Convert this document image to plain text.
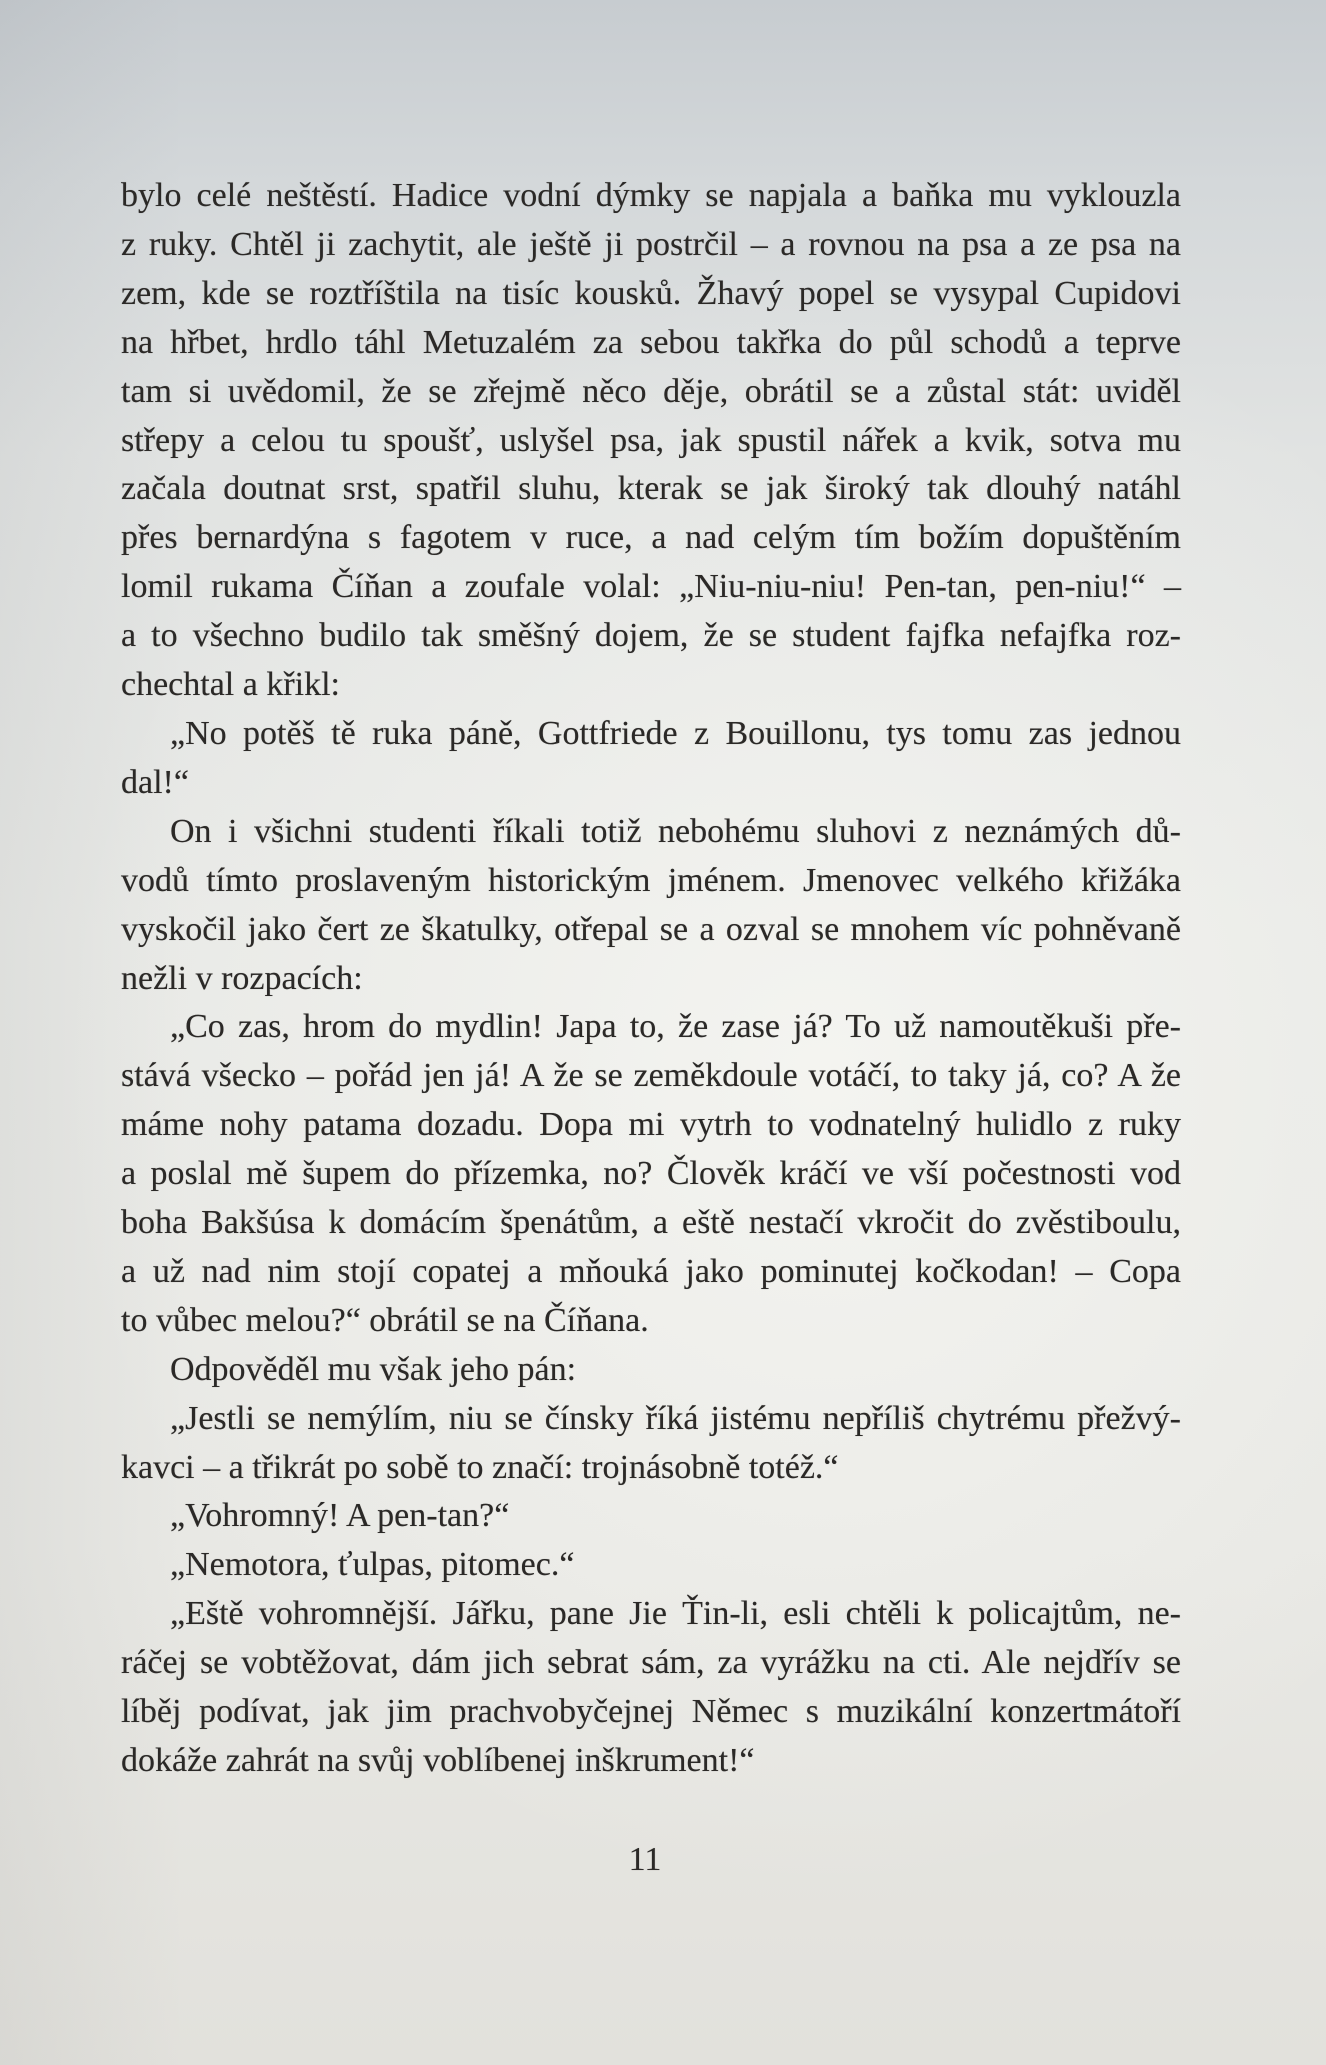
bylo celé neštěstí. Hadice vodní dýmky se napjala a baňka mu vyklouzla
z ruky. Chtěl ji zachytit, ale ještě ji postrčil – a rovnou na psa a ze psa na
zem, kde se roztříštila na tisíc kousků. Žhavý popel se vysypal Cupidovi
na hřbet, hrdlo táhl Metuzalém za sebou takřka do půl schodů a teprve
tam si uvědomil, že se zřejmě něco děje, obrátil se a zůstal stát: uviděl
střepy a celou tu spoušť, uslyšel psa, jak spustil nářek a kvik, sotva mu
začala doutnat srst, spatřil sluhu, kterak se jak široký tak dlouhý natáhl
přes bernardýna s fagotem v ruce, a nad celým tím božím dopuštěním
lomil rukama Číňan a zoufale volal: „Niu-niu-niu! Pen-tan, pen-niu!“ –
a to všechno budilo tak směšný dojem, že se student fajfka nefajfka roz-
chechtal a křikl:
„No potěš tě ruka páně, Gottfriede z Bouillonu, tys tomu zas jednou
dal!“
On i všichni studenti říkali totiž nebohému sluhovi z neznámých dů-
vodů tímto proslaveným historickým jménem. Jmenovec velkého křižáka
vyskočil jako čert ze škatulky, otřepal se a ozval se mnohem víc pohněvaně
nežli v rozpacích:
„Co zas, hrom do mydlin! Japa to, že zase já? To už namoutěkuši pře-
stává všecko – pořád jen já! A že se zeměkdoule votáčí, to taky já, co? A že
máme nohy patama dozadu. Dopa mi vytrh to vodnatelný hulidlo z ruky
a poslal mě šupem do přízemka, no? Člověk kráčí ve vší počestnosti vod
boha Bakšúsa k domácím špenátům, a eště nestačí vkročit do zvěstiboulu,
a už nad nim stojí copatej a mňouká jako pominutej kočkodan! – Copa
to vůbec melou?“ obrátil se na Číňana.
Odpověděl mu však jeho pán:
„Jestli se nemýlím, niu se čínsky říká jistému nepříliš chytrému přežvý-
kavci – a třikrát po sobě to značí: trojnásobně totéž.“
„Vohromný! A pen-tan?“
„Nemotora, ťulpas, pitomec.“
„Eště vohromnější. Jářku, pane Jie Ťin-li, esli chtěli k policajtům, ne-
ráčej se vobtěžovat, dám jich sebrat sám, za vyrážku na cti. Ale nejdřív se
líběj podívat, jak jim prachvobyčejnej Němec s muzikální konzertmátoří
dokáže zahrát na svůj voblíbenej inškrument!“
11
